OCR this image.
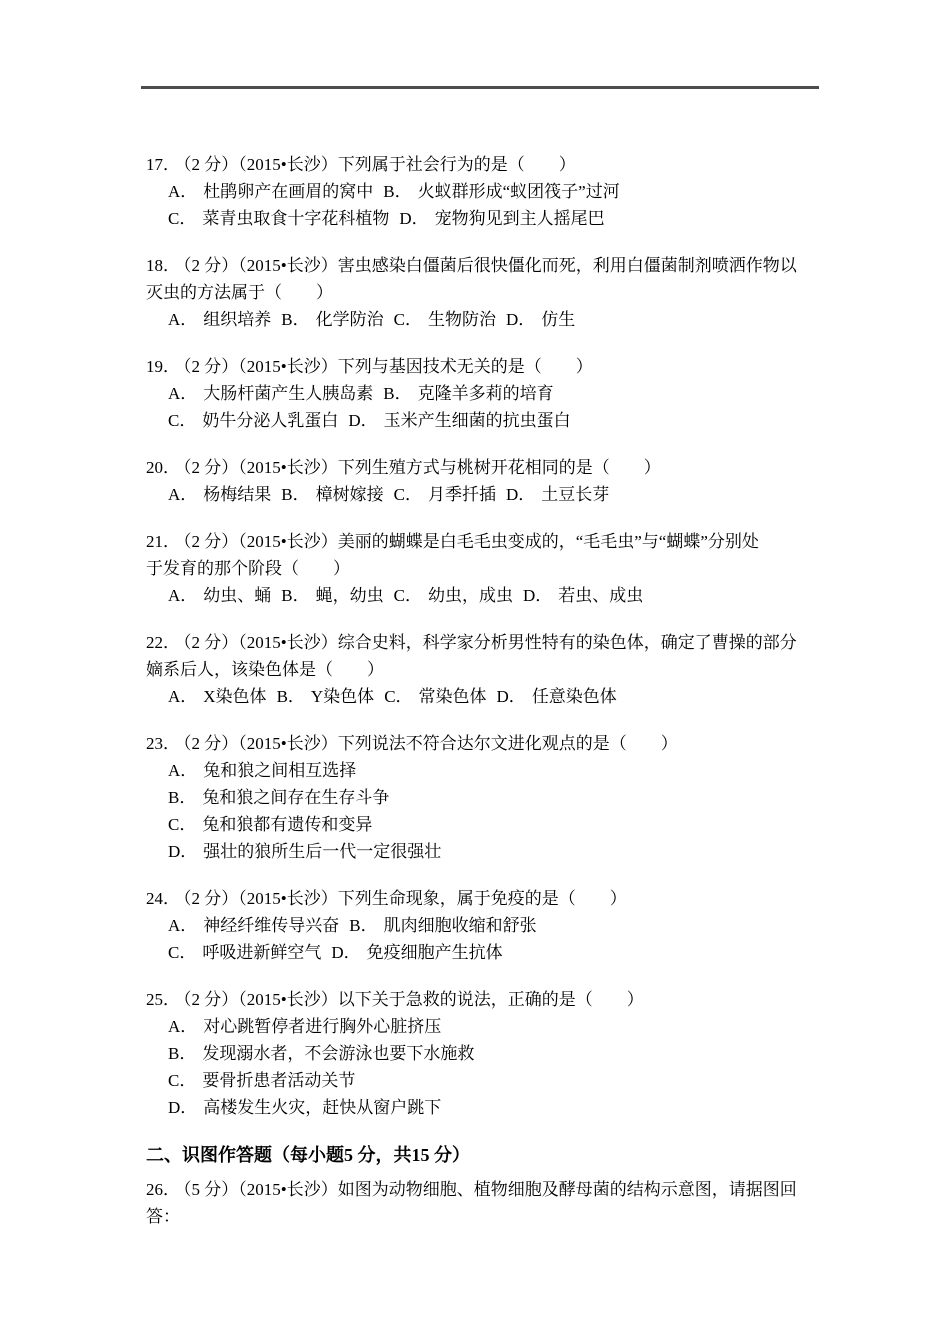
17． （2 分）（2015•长沙）下列属于社会行为的是（　　）
A． 杜鹃卵产在画眉的窝中 B． 火蚁群形成“蚁团筏子”过河
C． 菜青虫取食十字花科植物 D． 宠物狗见到主人摇尾巴
18． （2 分）（2015•长沙）害虫感染白僵菌后很快僵化而死，利用白僵菌制剂喷洒作物以
灭虫的方法属于（　　）
A． 组织培养 B． 化学防治 C． 生物防治 D． 仿生
19． （2 分）（2015•长沙）下列与基因技术无关的是（　　）
A． 大肠杆菌产生人胰岛素 B． 克隆羊多莉的培育
C． 奶牛分泌人乳蛋白 D． 玉米产生细菌的抗虫蛋白
20． （2 分）（2015•长沙）下列生殖方式与桃树开花相同的是（　　）
A． 杨梅结果 B． 樟树嫁接 C． 月季扦插 D． 土豆长芽
21． （2 分）（2015•长沙）美丽的蝴蝶是白毛毛虫变成的，“毛毛虫”与“蝴蝶”分别处
于发育的那个阶段（　　）
A． 幼虫、蛹 B． 蝇，幼虫 C． 幼虫，成虫 D． 若虫、成虫
22． （2 分）（2015•长沙）综合史料，科学家分析男性特有的染色体，确定了曹操的部分
嫡系后人，该染色体是（　　）
A． X染色体 B． Y染色体 C． 常染色体 D． 任意染色体
23． （2 分）（2015•长沙）下列说法不符合达尔文进化观点的是（　　）
A． 兔和狼之间相互选择
B． 兔和狼之间存在生存斗争
C． 兔和狼都有遗传和变异
D． 强壮的狼所生后一代一定很强壮
24． （2 分）（2015•长沙）下列生命现象，属于免疫的是（　　）
A． 神经纤维传导兴奋 B． 肌肉细胞收缩和舒张
C． 呼吸进新鲜空气 D． 免疫细胞产生抗体
25． （2 分）（2015•长沙）以下关于急救的说法，正确的是（　　）
A． 对心跳暂停者进行胸外心脏挤压
B． 发现溺水者，不会游泳也要下水施救
C． 要骨折患者活动关节
D． 高楼发生火灾，赶快从窗户跳下
二、识图作答题（每小题5 分，共15 分）
26． （5 分）（2015•长沙）如图为动物细胞、植物细胞及酵母菌的结构示意图，请据图回
答：
